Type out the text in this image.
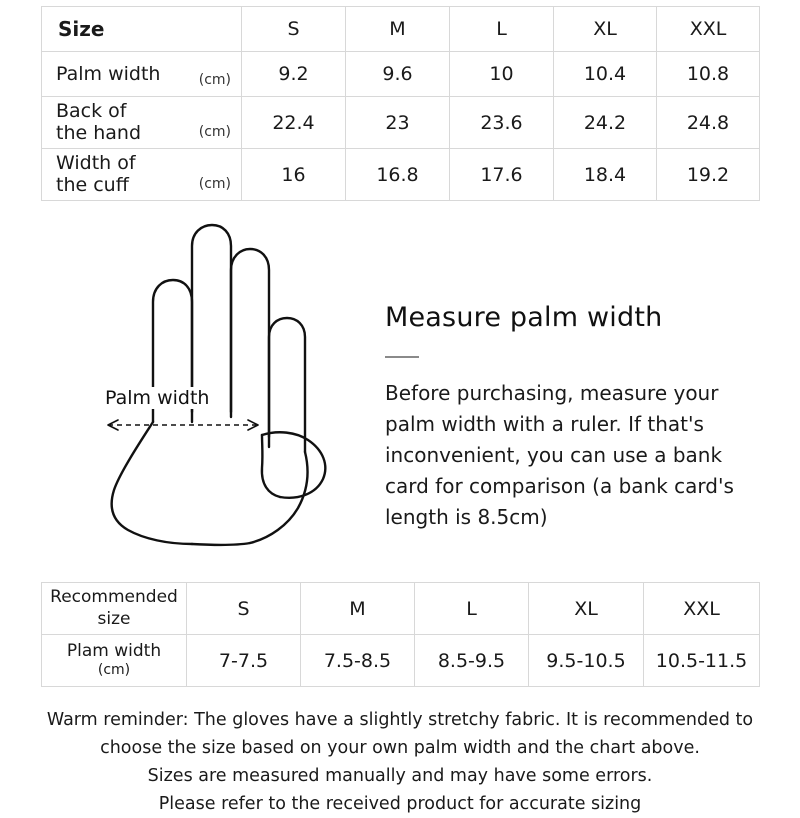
Size	S	M	L	XL	XXL
Palm width (cm)	9.2	9.6	10	10.4	10.8
Back of
the hand (cm)	22.4	23	23.6	24.2	24.8
Width of
the cuff (cm)	16	16.8	17.6	18.4	19.2
Palm width
Measure palm width
Before purchasing, measure your palm width with a ruler. If that's inconvenient, you can use a bank card for comparison (a bank card's length is 8.5cm)
Recommended
size	S	M	L	XL	XXL
Plam width
(cm)	7-7.5	7.5-8.5	8.5-9.5	9.5-10.5	10.5-11.5
Warm reminder: The gloves have a slightly stretchy fabric. It is recommended to
choose the size based on your own palm width and the chart above.
Sizes are measured manually and may have some errors.
Please refer to the received product for accurate sizing
